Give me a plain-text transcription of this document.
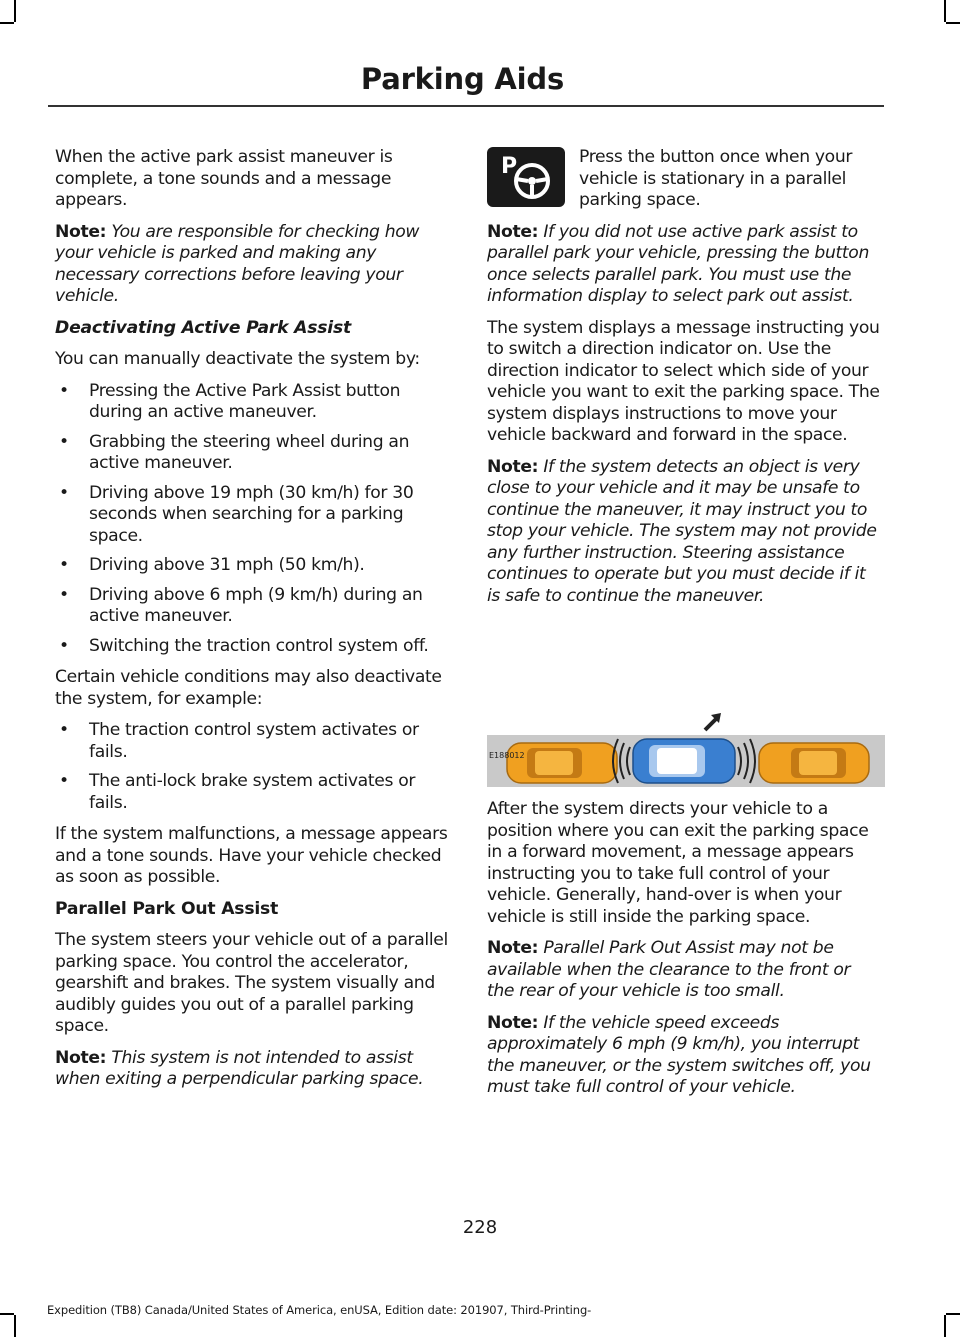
Parking Aids

When the active park assist maneuver is complete, a tone sounds and a message appears.

Note: You are responsible for checking how your vehicle is parked and making any necessary corrections before leaving your vehicle.

Deactivating Active Park Assist

You can manually deactivate the system by:

• Pressing the Active Park Assist button during an active maneuver.
• Grabbing the steering wheel during an active maneuver.
• Driving above 19 mph (30 km/h) for 30 seconds when searching for a parking space.
• Driving above 31 mph (50 km/h).
• Driving above 6 mph (9 km/h) during an active maneuver.
• Switching the traction control system off.

Certain vehicle conditions may also deactivate the system, for example:

• The traction control system activates or fails.
• The anti-lock brake system activates or fails.

If the system malfunctions, a message appears and a tone sounds. Have your vehicle checked as soon as possible.

Parallel Park Out Assist

The system steers your vehicle out of a parallel parking space. You control the accelerator, gearshift and brakes. The system visually and audibly guides you out of a parallel parking space.

Note: This system is not intended to assist when exiting a perpendicular parking space.

P	Press the button once when your vehicle is stationary in a parallel parking space.

Note: If you did not use active park assist to parallel park your vehicle, pressing the button once selects parallel park. You must use the information display to select park out assist.

The system displays a message instructing you to switch a direction indicator on. Use the direction indicator to select which side of your vehicle you want to exit the parking space. The system displays instructions to move your vehicle backward and forward in the space.

Note: If the system detects an object is very close to your vehicle and it may be unsafe to continue the maneuver, it may instruct you to stop your vehicle. The system may not provide any further instruction. Steering assistance continues to operate but you must decide if it is safe to continue the maneuver.

E188012

After the system directs your vehicle to a position where you can exit the parking space in a forward movement, a message appears instructing you to take full control of your vehicle. Generally, hand-over is when your vehicle is still inside the parking space.

Note: Parallel Park Out Assist may not be available when the clearance to the front or the rear of your vehicle is too small.

Note: If the vehicle speed exceeds approximately 6 mph (9 km/h), you interrupt the maneuver, or the system switches off, you must take full control of your vehicle.

228
Expedition (TB8) Canada/United States of America, enUSA, Edition date: 201907, Third-Printing-
